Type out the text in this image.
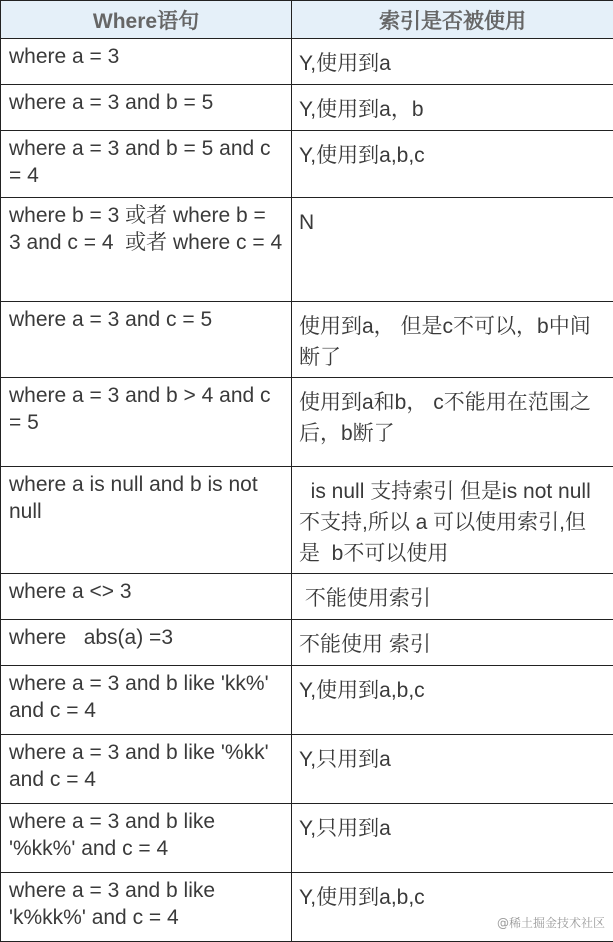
Where语句	索引是否被使用
where a = 3	Y,使用到a
where a = 3 and b = 5	Y,使用到a，b
where a = 3 and b = 5 and c = 4	Y,使用到a,b,c
where b = 3 或者 where b = 3 and c = 4  或者 where c = 4	N
where a = 3 and c = 5	使用到a， 但是c不可以，b中间断了
where a = 3 and b > 4 and c = 5	使用到a和b， c不能用在范围之后，b断了
where a is null and b is not null	is null 支持索引 但是is not null 不支持,所以 a 可以使用索引,但是  b不可以使用
where a <> 3	不能使用索引
where   abs(a) =3	不能使用 索引
where a = 3 and b like 'kk%' and c = 4	Y,使用到a,b,c
where a = 3 and b like '%kk' and c = 4	Y,只用到a
where a = 3 and b like '%kk%' and c = 4	Y,只用到a
where a = 3 and b like 'k%kk%' and c = 4	Y,使用到a,b,c
@稀土掘金技术社区
